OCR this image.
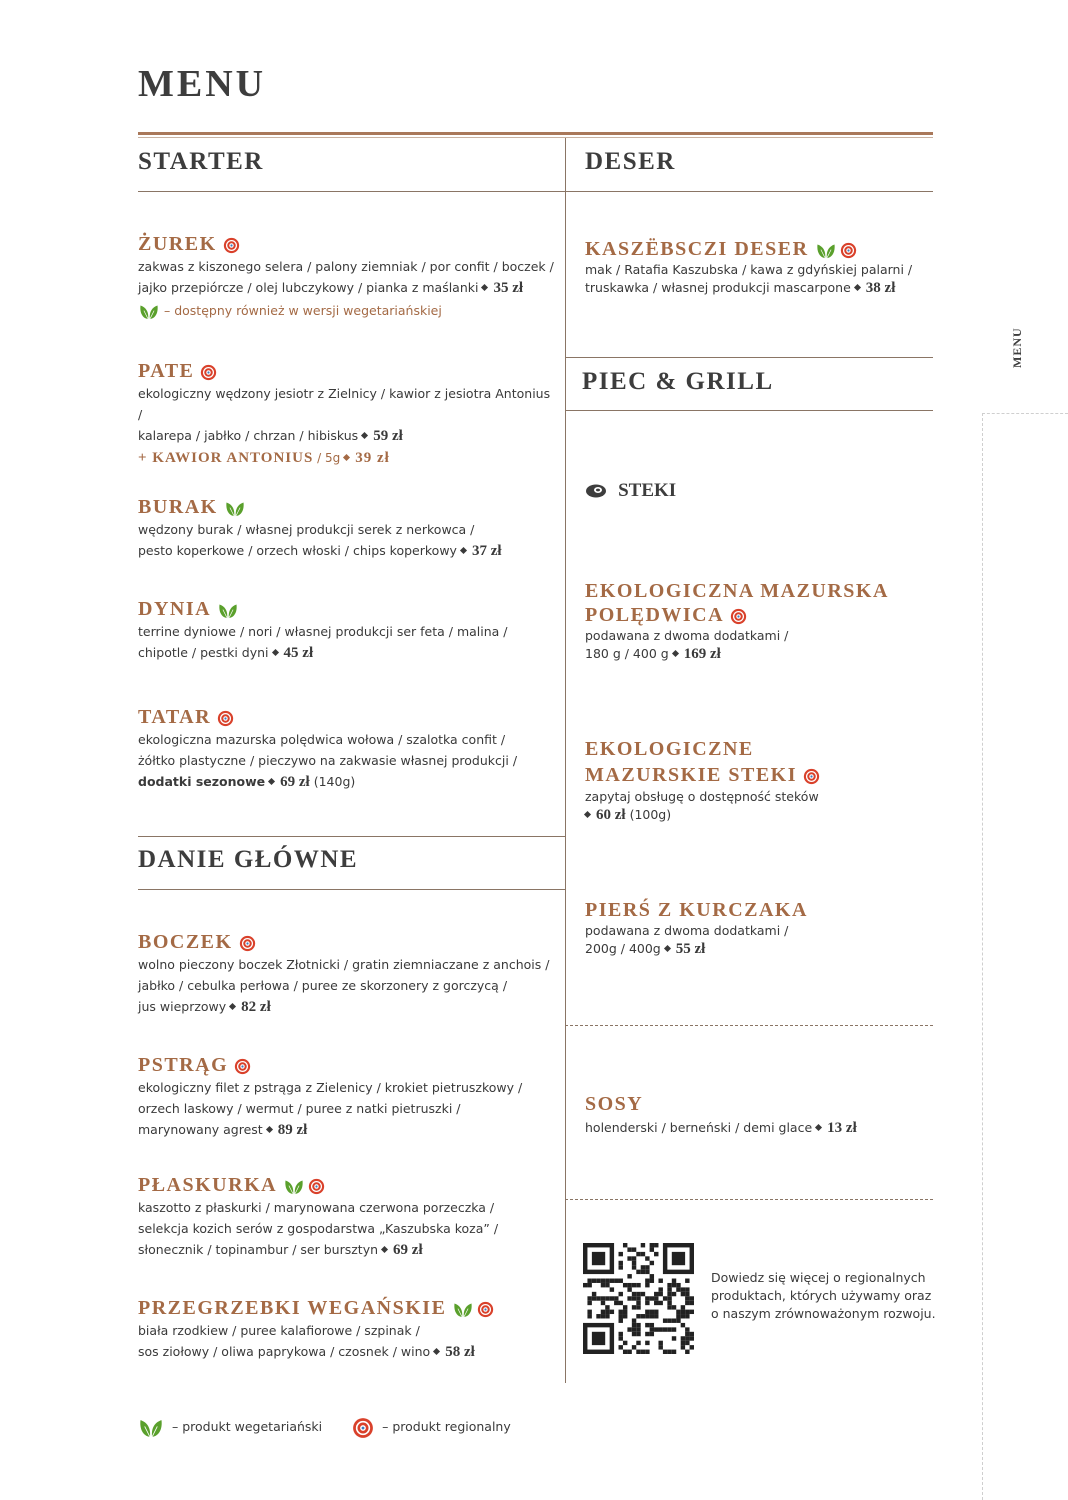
MENU
STARTER
ŻUREK
zakwas z kiszonego selera / palony ziemniak / por confit / boczek /
jajko przepiórcze / olej lubczykowy / pianka z maślanki 35 zł
– dostępny również w wersji wegetariańskiej
PATE
ekologiczny wędzony jesiotr z Zielnicy / kawior z jesiotra Antonius /
kalarepa / jabłko / chrzan / hibiskus 59 zł
+ KAWIOR ANTONIUS / 5g 39 zł
BURAK
wędzony burak / własnej produkcji serek z nerkowca /
pesto koperkowe / orzech włoski / chips koperkowy 37 zł
DYNIA
terrine dyniowe / nori / własnej produkcji ser feta / malina /
chipotle / pestki dyni 45 zł
TATAR
ekologiczna mazurska polędwica wołowa / szalotka confit /
żółtko plastyczne / pieczywo na zakwasie własnej produkcji /
dodatki sezonowe 69 zł (140g)
DANIE GŁÓWNE
BOCZEK
wolno pieczony boczek Złotnicki / gratin ziemniaczane z anchois /
jabłko / cebulka perłowa / puree ze skorzonery z gorczycą /
jus wieprzowy 82 zł
PSTRĄG
ekologiczny filet z pstrąga z Zielenicy / krokiet pietruszkowy /
orzech laskowy / wermut / puree z natki pietruszki /
marynowany agrest 89 zł
PŁASKURKA
kaszotto z płaskurki / marynowana czerwona porzeczka /
selekcja kozich serów z gospodarstwa „Kaszubska koza” /
słonecznik / topinambur / ser bursztyn 69 zł
PRZEGRZEBKI WEGAŃSKIE
biała rzodkiew / puree kalafiorowe / szpinak /
sos ziołowy / oliwa paprykowa / czosnek / wino 58 zł
– produkt wegetariański	– produkt regionalny
DESER
KASZËBSCZI DESER
mak / Ratafia Kaszubska / kawa z gdyńskiej palarni /
truskawka / własnej produkcji mascarpone 38 zł
PIEC & GRILL
STEKI
EKOLOGICZNA MAZURSKA
POLĘDWICA
podawana z dwoma dodatkami /
180 g / 400 g 169 zł
EKOLOGICZNE
MAZURSKIE STEKI
zapytaj obsługę o dostępność steków
60 zł (100g)
PIERŚ Z KURCZAKA
podawana z dwoma dodatkami /
200g / 400g 55 zł
SOSY
holenderski / berneński / demi glace 13 zł
Dowiedz się więcej o regionalnych
produktach, których używamy oraz
o naszym zrównoważonym rozwoju.
MENU
